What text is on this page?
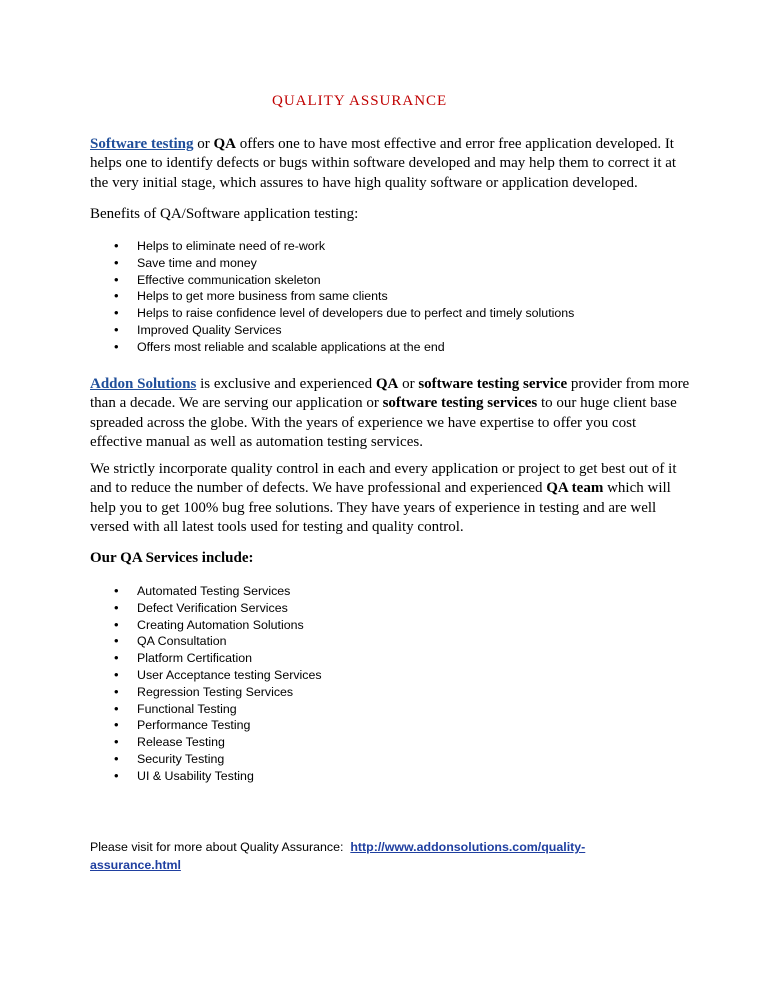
QUALITY ASSURANCE

Software testing or QA offers one to have most effective and error free application developed. It helps one to identify defects or bugs within software developed and may help them to correct it at the very initial stage, which assures to have high quality software or application developed.

Benefits of QA/Software application testing:

• Helps to eliminate need of re-work
• Save time and money
• Effective communication skeleton
• Helps to get more business from same clients
• Helps to raise confidence level of developers due to perfect and timely solutions
• Improved Quality Services
• Offers most reliable and scalable applications at the end

Addon Solutions is exclusive and experienced QA or software testing service provider from more than a decade. We are serving our application or software testing services to our huge client base spreaded across the globe. With the years of experience we have expertise to offer you cost effective manual as well as automation testing services.

We strictly incorporate quality control in each and every application or project to get best out of it and to reduce the number of defects. We have professional and experienced QA team which will help you to get 100% bug free solutions. They have years of experience in testing and are well versed with all latest tools used for testing and quality control.

Our QA Services include:

• Automated Testing Services
• Defect Verification Services
• Creating Automation Solutions
• QA Consultation
• Platform Certification
• User Acceptance testing Services
• Regression Testing Services
• Functional Testing
• Performance Testing
• Release Testing
• Security Testing
• UI & Usability Testing
Please visit for more about Quality Assurance:  http://www.addonsolutions.com/quality-assurance.html
